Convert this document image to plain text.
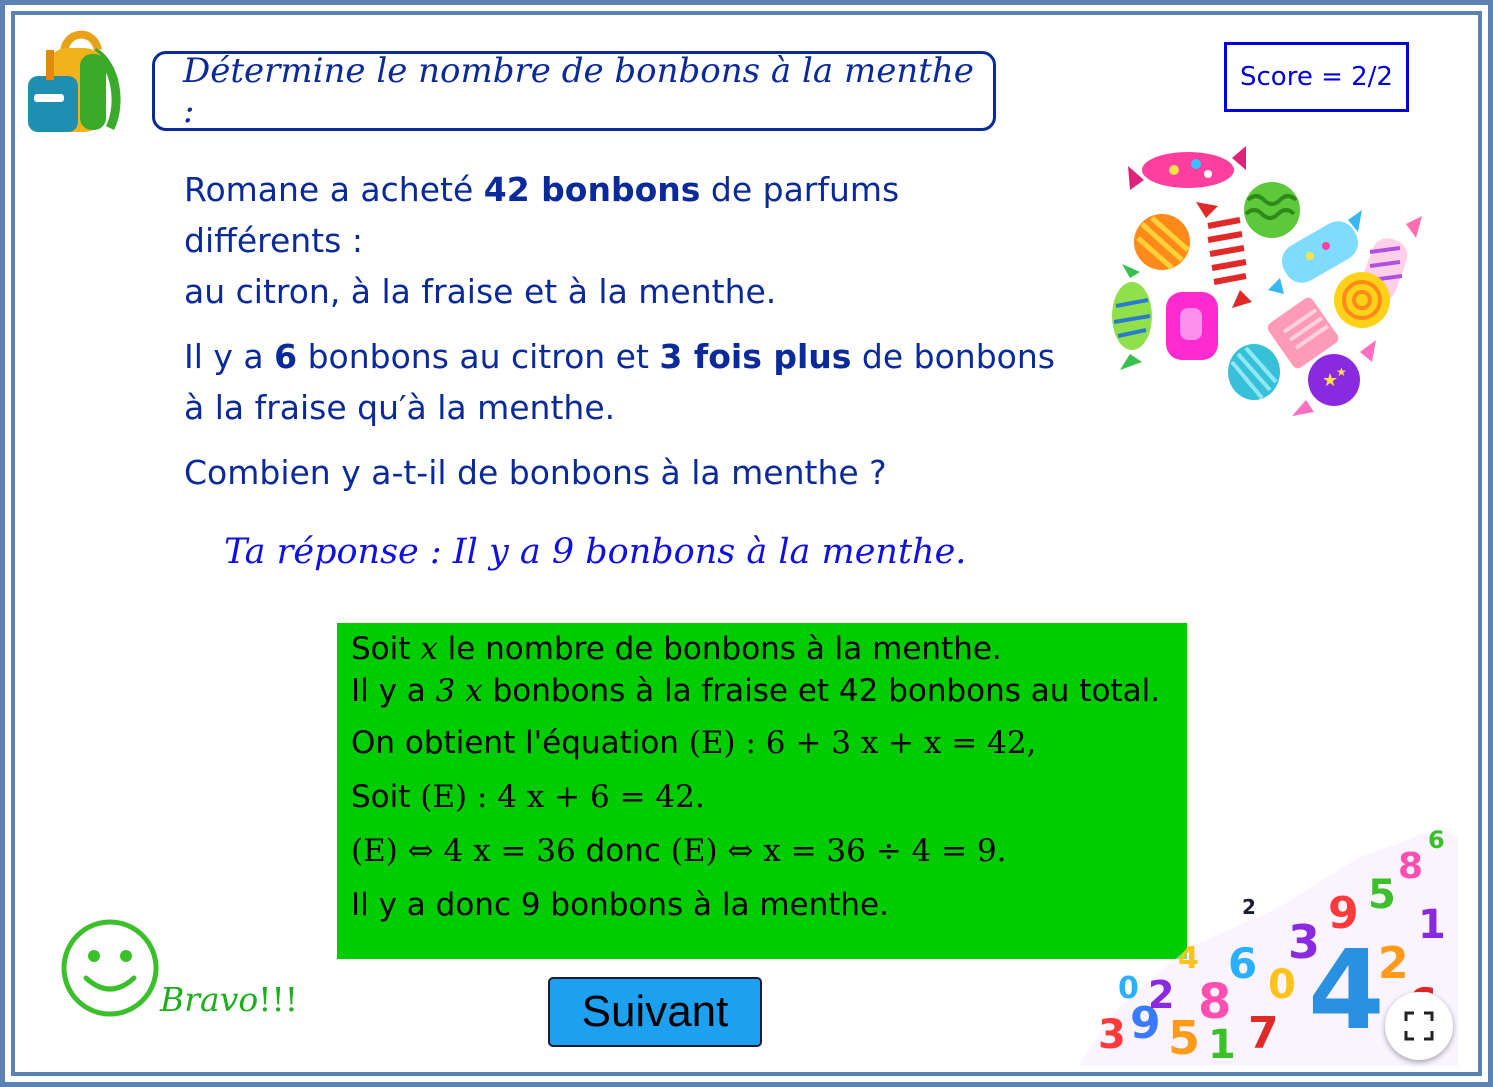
Détermine le nombre de bonbons à la menthe :
Score = 2/2

Romane a acheté 42 bonbons de parfums différents :

au citron, à la fraise et à la menthe.

Il y a 6 bonbons au citron et 3 fois plus de bonbons

à la fraise qu′à la menthe.

Combien y a-t-il de bonbons à la menthe ?

★
★
Ta réponse : Il y a 9 bonbons à la menthe.
Soit x le nombre de bonbons à la menthe.
Il y a 3 x bonbons à la fraise et 42 bonbons au total.
On obtient l'équation (E) : 6 + 3 x + x = 42,
Soit (E) : 4 x + 6 = 42.
(E) ⇔ 4 x = 36 donc (E) ⇔ x = 36 ÷ 4 = 9.
Il y a donc 9 bonbons à la menthe.
Bravo!!!	Suivant	3 9 5
2 8
6
1 7
0
3
4
9 5
2
8
1
6
2
4
0
